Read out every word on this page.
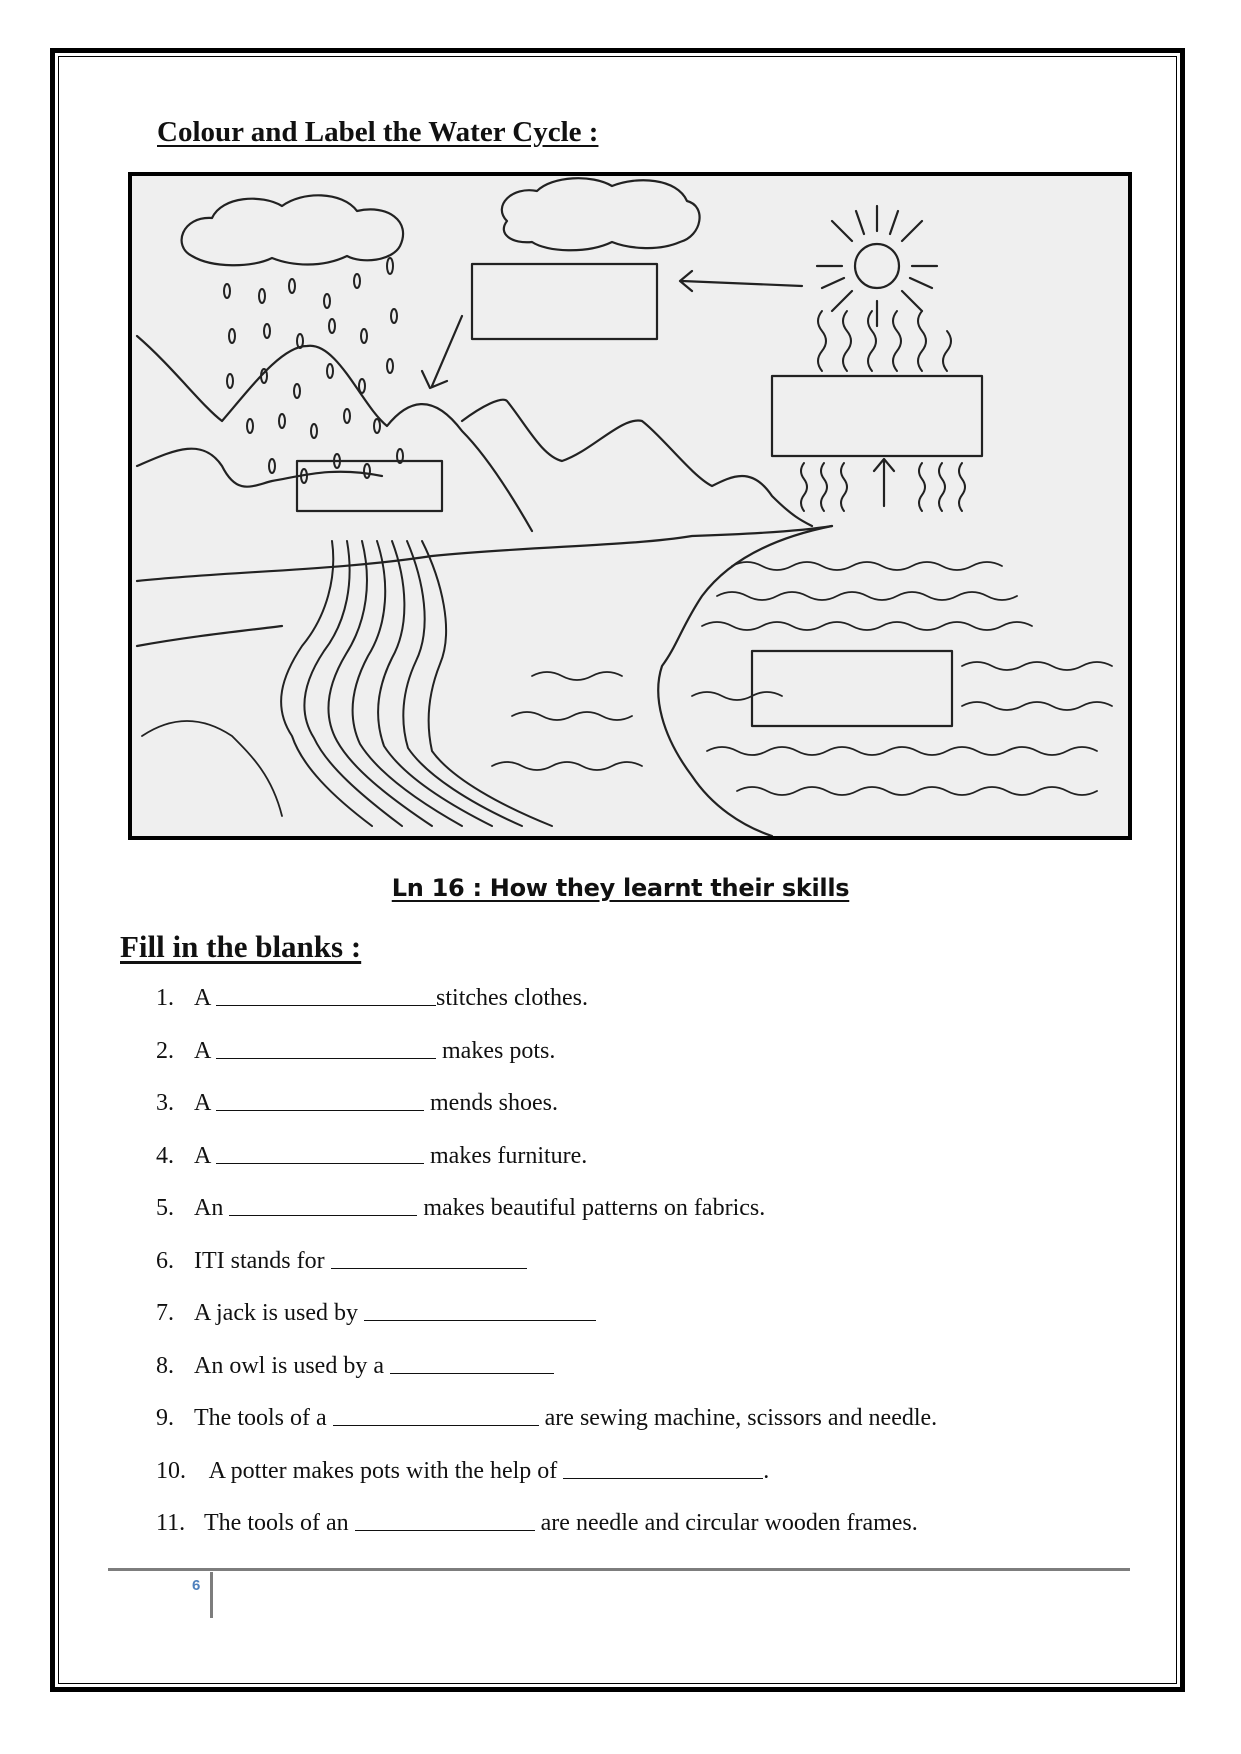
Colour and Label the Water Cycle :
Ln 16 : How they learnt their skills
Fill in the blanks :
1. A	stitches clothes.
2. A	makes pots.
3. A	mends shoes.
4. A	makes furniture.
5. An	makes beautiful patterns on fabrics.
6. ITI stands for
7. A jack is used by
8. An owl is used by a
9. The tools of a	are sewing machine, scissors and needle.
10. A potter makes pots with the help of	.
11. The tools of an	are needle and circular wooden frames.
6
